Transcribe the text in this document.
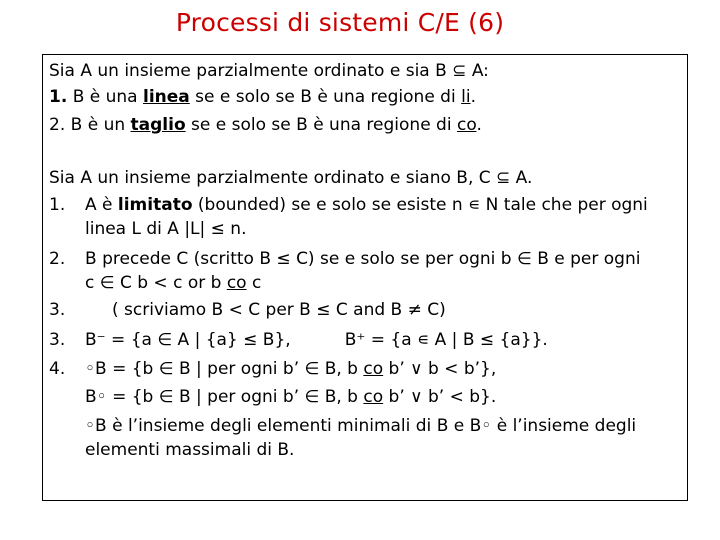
Processi di sistemi C/E (6)
Sia A un insieme parzialmente ordinato e sia B ⊆ A:
1. B è una linea se e solo se B è una regione di li.
2. B è un taglio se e solo se B è una regione di co.
Sia A un insieme parzialmente ordinato e siano B, C ⊆ A.
1. A è limitato (bounded) se e solo se esiste n ∊ N tale che per ogni
linea L di A |L| ≤ n.
2. B precede C (scritto B ≤ C) se e solo se per ogni b ∈ B e per ogni
c ∈ C b < c or b co c
3.     ( scriviamo B < C per B ≤ C and B ≠ C)
3. B⁻ = {a ∈ A | {a} ≤ B},          B⁺ = {a ∊ A | B ≤ {a}}.
4. ◦B = {b ∈ B | per ogni b’ ∈ B, b co b’ ∨ b < b’},
B◦ = {b ∈ B | per ogni b’ ∈ B, b co b’ ∨ b’ < b}.
◦B è l’insieme degli elementi minimali di B e B◦ è l’insieme degli
elementi massimali di B.
